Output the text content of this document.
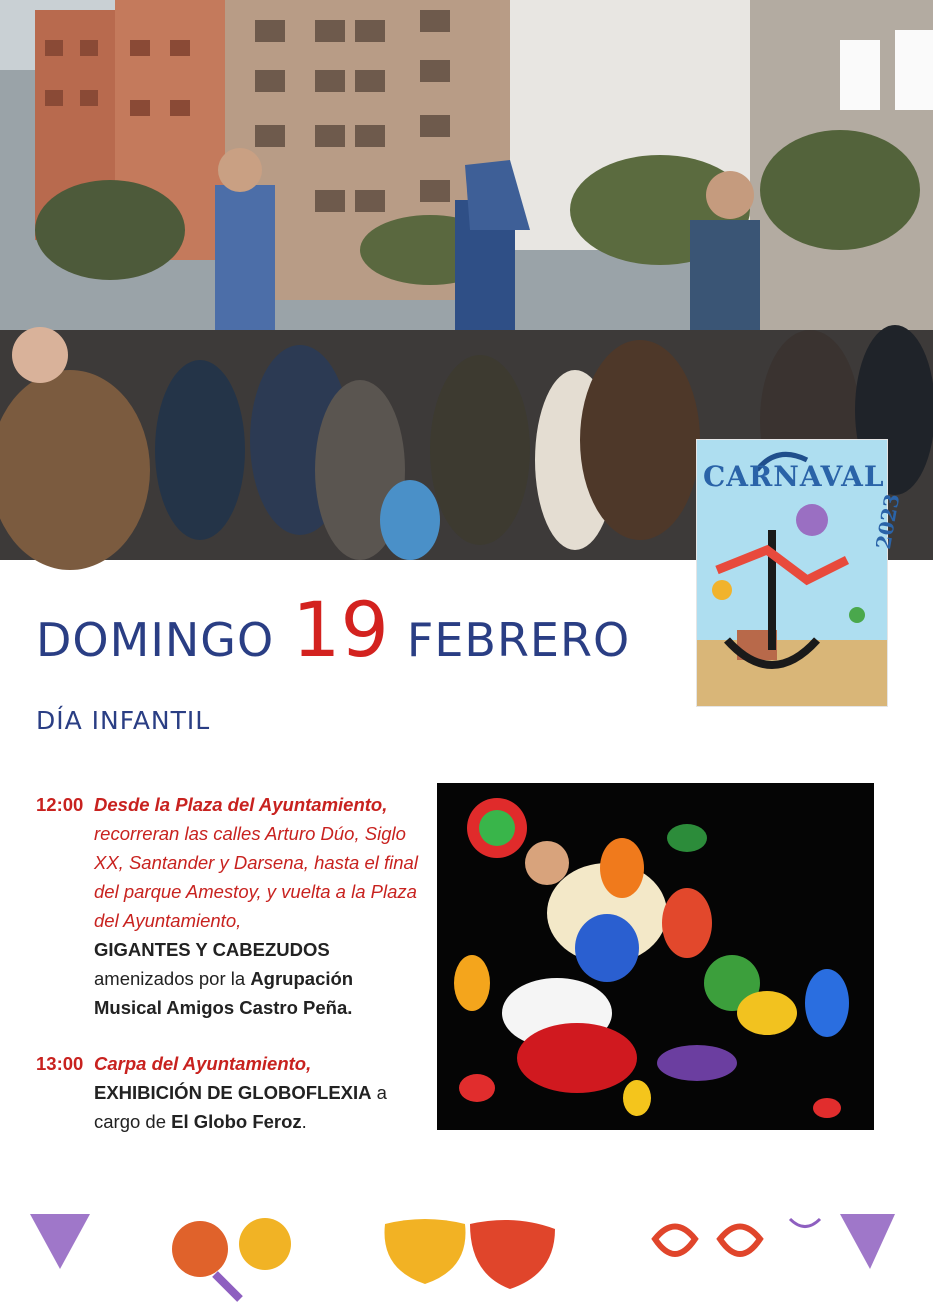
CARNAVAL
2023
DOMINGO 19 FEBRERO
DÍA INFANTIL
12:00 Desde la Plaza del Ayuntamiento,
recorreran las calles Arturo Dúo, Siglo XX, Santander y Darsena, hasta el final del parque Amestoy, y vuelta a la Plaza del Ayuntamiento,
GIGANTES Y CABEZUDOS
amenizados por la Agrupación Musical Amigos Castro Peña.
13:00 Carpa del Ayuntamiento,
EXHIBICIÓN DE GLOBOFLEXIA a cargo de El Globo Feroz.
